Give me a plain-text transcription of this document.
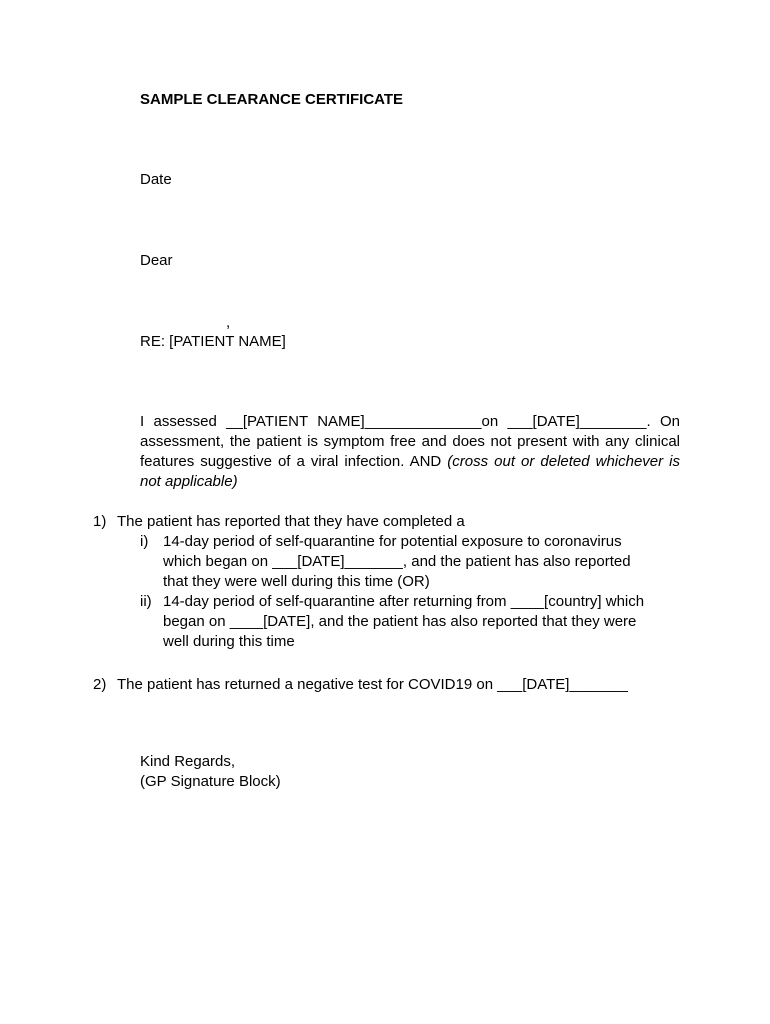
SAMPLE CLEARANCE CERTIFICATE
Date
Dear
,
RE: [PATIENT NAME]
I assessed __[PATIENT NAME]______________on ___[DATE]________. On
assessment, the patient is symptom free and does not present with any clinical
features suggestive of a viral infection. AND (cross out or deleted whichever is
not applicable)
1) The patient has reported that they have completed a
i) 14-day period of self-quarantine for potential exposure to coronavirus
which began on ___[DATE]_______, and the patient has also reported
that they were well during this time (OR)
ii) 14-day period of self-quarantine after returning from ____[country] which
began on ____[DATE], and the patient has also reported that they were
well during this time
2) The patient has returned a negative test for COVID19 on ___[DATE]_______
Kind Regards,
(GP Signature Block)
